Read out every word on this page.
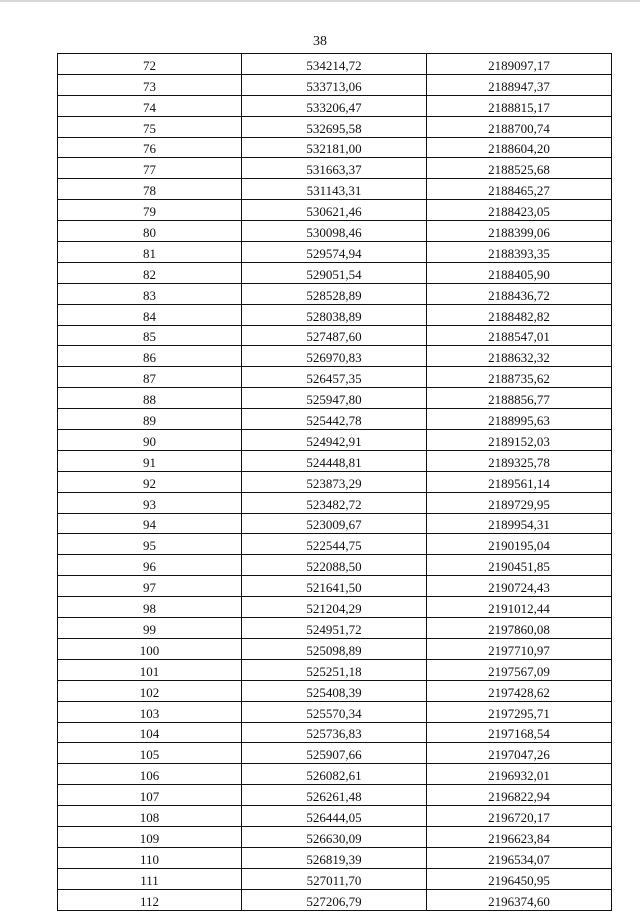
38
72	534214,72	2189097,17
73	533713,06	2188947,37
74	533206,47	2188815,17
75	532695,58	2188700,74
76	532181,00	2188604,20
77	531663,37	2188525,68
78	531143,31	2188465,27
79	530621,46	2188423,05
80	530098,46	2188399,06
81	529574,94	2188393,35
82	529051,54	2188405,90
83	528528,89	2188436,72
84	528038,89	2188482,82
85	527487,60	2188547,01
86	526970,83	2188632,32
87	526457,35	2188735,62
88	525947,80	2188856,77
89	525442,78	2188995,63
90	524942,91	2189152,03
91	524448,81	2189325,78
92	523873,29	2189561,14
93	523482,72	2189729,95
94	523009,67	2189954,31
95	522544,75	2190195,04
96	522088,50	2190451,85
97	521641,50	2190724,43
98	521204,29	2191012,44
99	524951,72	2197860,08
100	525098,89	2197710,97
101	525251,18	2197567,09
102	525408,39	2197428,62
103	525570,34	2197295,71
104	525736,83	2197168,54
105	525907,66	2197047,26
106	526082,61	2196932,01
107	526261,48	2196822,94
108	526444,05	2196720,17
109	526630,09	2196623,84
110	526819,39	2196534,07
111	527011,70	2196450,95
112	527206,79	2196374,60
